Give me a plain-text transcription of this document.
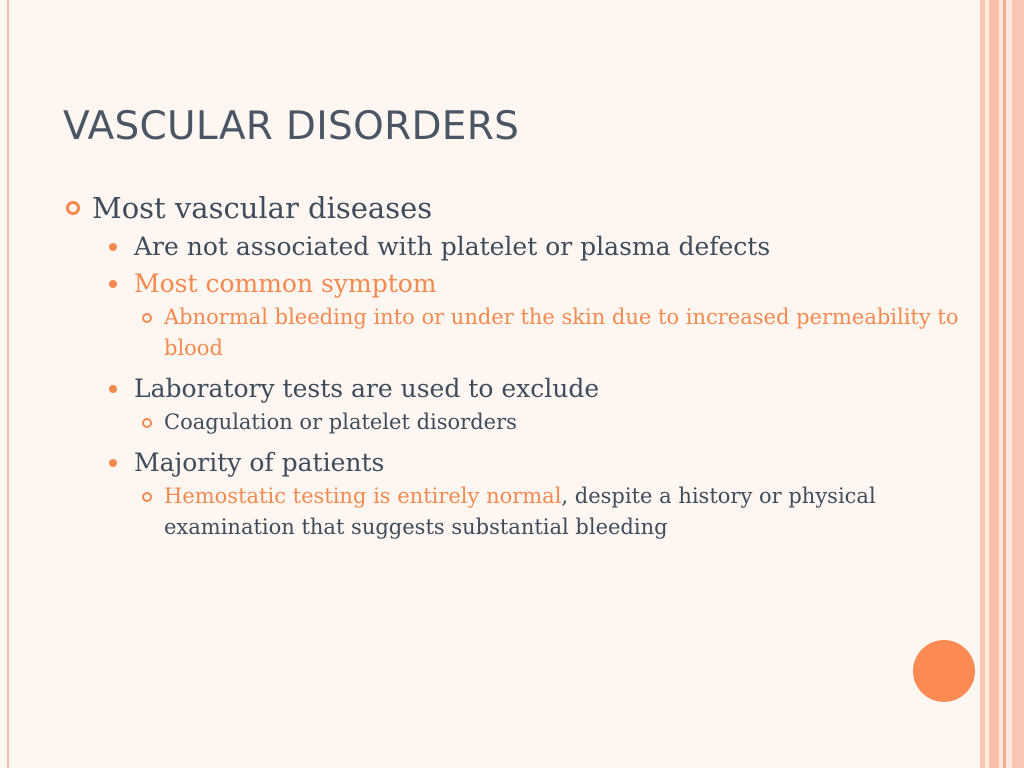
VASCULAR DISORDERS
Most vascular diseases
Are not associated with platelet or plasma defects
Most common symptom
Abnormal bleeding into or under the skin due to increased permeability to blood
Laboratory tests are used to exclude
Coagulation or platelet disorders
Majority of patients
Hemostatic testing is entirely normal, despite a history or physical examination that suggests substantial bleeding
